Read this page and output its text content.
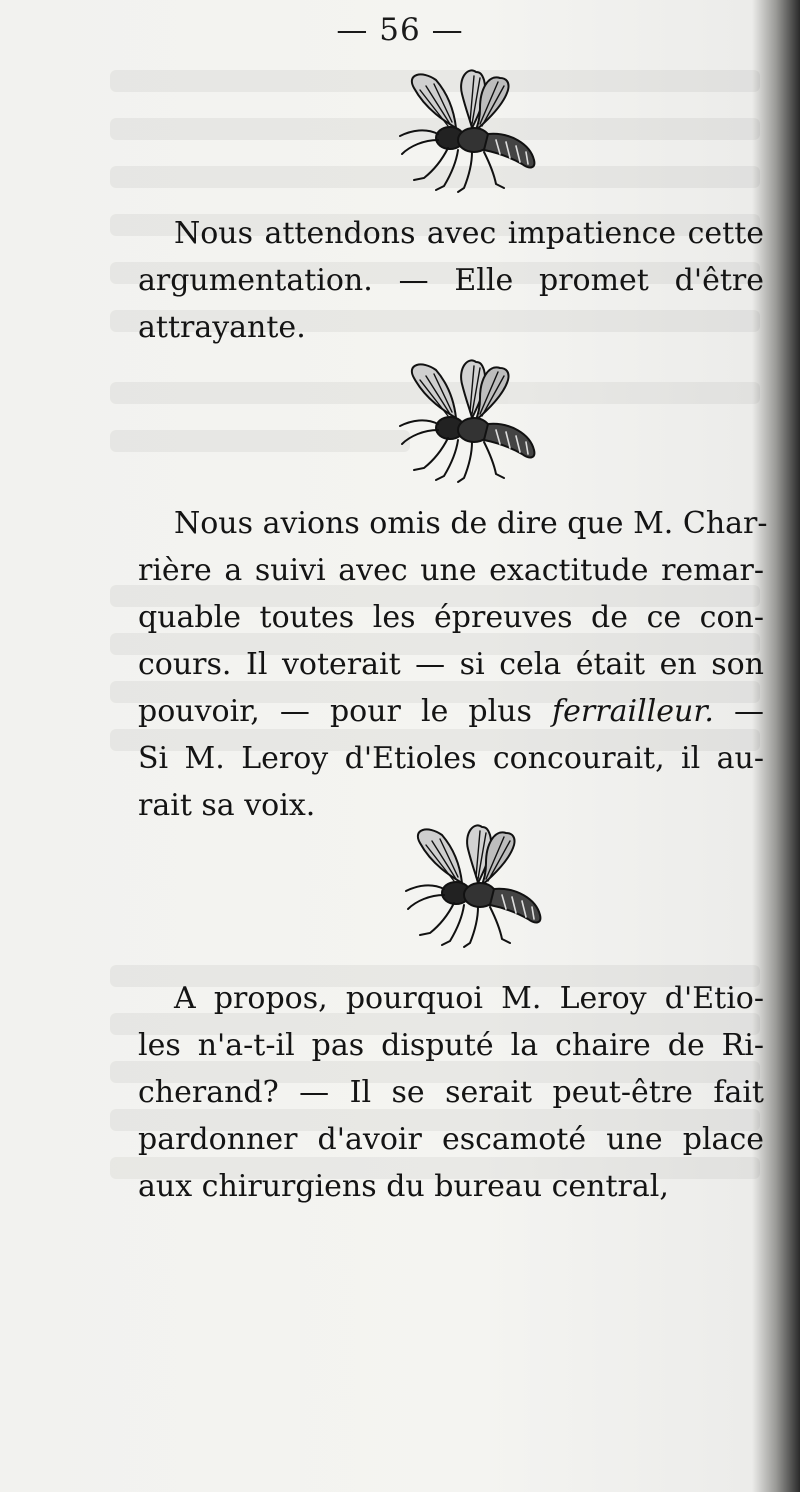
— 56 —

Nous attendons avec impatience cette
argumentation. — Elle promet d'être
attrayante.

Nous avions omis de dire que M. Char-
rière a suivi avec une exactitude remar-
quable toutes les épreuves de ce con-
cours. Il voterait — si cela était en son
pouvoir, — pour le plus ferrailleur. —
Si M. Leroy d'Etioles concourait, il au-
rait sa voix.

A propos, pourquoi M. Leroy d'Etio-
les n'a-t-il pas disputé la chaire de Ri-
cherand? — Il se serait peut-être fait
pardonner d'avoir escamoté une place
aux chirurgiens du bureau central,
